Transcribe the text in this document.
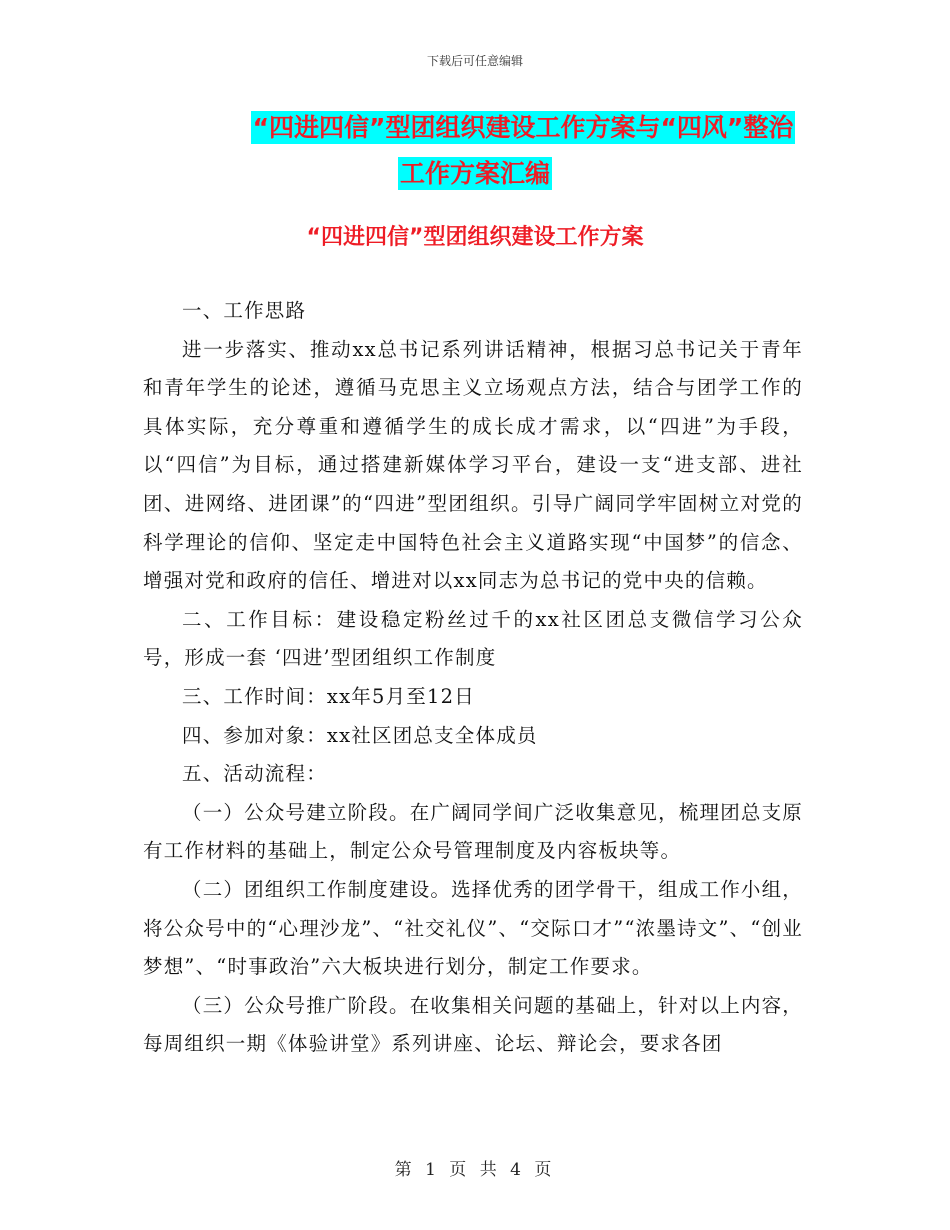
下载后可任意编辑
“四进四信”型团组织建设工作方案与“四风”整治
工作方案汇编
“四进四信”型团组织建设工作方案

一、工作思路

进一步落实、推动xx总书记系列讲话精神，根据习总书记关于青年和青年学生的论述，遵循马克思主义立场观点方法，结合与团学工作的具体实际，充分尊重和遵循学生的成长成才需求，以“四进”为手段，以“四信”为目标，通过搭建新媒体学习平台，建设一支“进支部、进社团、进网络、进团课”的“四进”型团组织。引导广阔同学牢固树立对党的科学理论的信仰、坚定走中国特色社会主义道路实现“中国梦”的信念、增强对党和政府的信任、增进对以xx同志为总书记的党中央的信赖。

二、工作目标：建设稳定粉丝过千的xx社区团总支微信学习公众号，形成一套 ‘四进’型团组织工作制度

三、工作时间：xx年5月至12日

四、参加对象：xx社区团总支全体成员

五、活动流程：

（一）公众号建立阶段。在广阔同学间广泛收集意见，梳理团总支原有工作材料的基础上，制定公众号管理制度及内容板块等。

（二）团组织工作制度建设。选择优秀的团学骨干，组成工作小组，将公众号中的“心理沙龙”、“社交礼仪”、“交际口才”“浓墨诗文”、“创业梦想”、“时事政治”六大板块进行划分，制定工作要求。

（三）公众号推广阶段。在收集相关问题的基础上，针对以上内容，每周组织一期《体验讲堂》系列讲座、论坛、辩论会，要求各团

第 1 页 共 4 页
